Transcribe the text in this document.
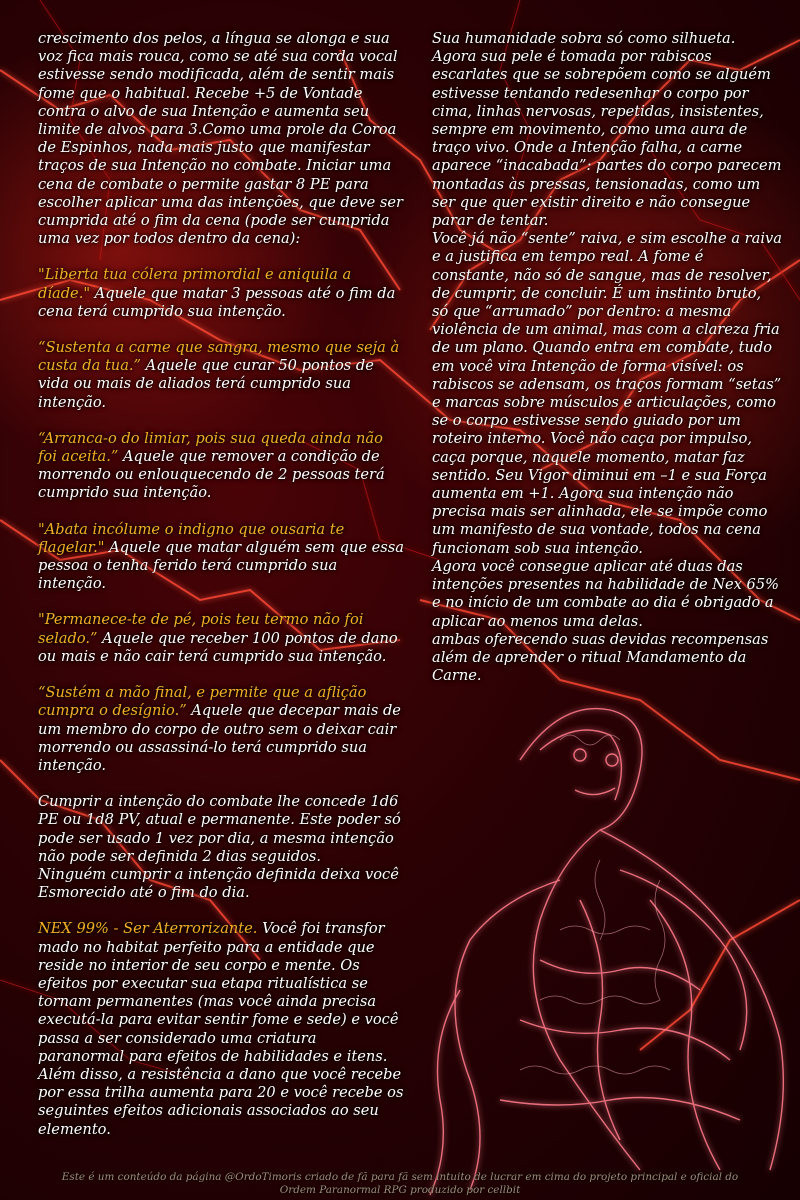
crescimento dos pelos, a língua se alonga e sua voz fica mais rouca, como se até sua corda vocal estivesse sendo modificada, além de sentir mais fome que o habitual. Recebe +5 de Vontade contra o alvo de sua Intenção e aumenta seu limite de alvos para 3.Como uma prole da Coroa de Espinhos, nada mais justo que manifestar traços de sua Intenção no combate. Iniciar uma cena de combate o permite gastar 8 PE para escolher aplicar uma das intenções, que deve ser cumprida até o fim da cena (pode ser cumprida uma vez por todos dentro da cena):

"Liberta tua cólera primordial e aniquila a díade." Aquele que matar 3 pessoas até o fim da cena terá cumprido sua intenção.

“Sustenta a carne que sangra, mesmo que seja à custa da tua.” Aquele que curar 50 pontos de vida ou mais de aliados terá cumprido sua intenção.

“Arranca-o do limiar, pois sua queda ainda não foi aceita.” Aquele que remover a condição de morrendo ou enlouquecendo de 2 pessoas terá cumprido sua intenção.

"Abata incólume o indigno que ousaria te flagelar." Aquele que matar alguém sem que essa pessoa o tenha ferido terá cumprido sua intenção.

"Permanece-te de pé, pois teu termo não foi selado.” Aquele que receber 100 pontos de dano ou mais e não cair terá cumprido sua intenção.

“Sustém a mão final, e permite que a aflição cumpra o desígnio.” Aquele que decepar mais de um membro do corpo de outro sem o deixar cair morrendo ou assassiná-lo terá cumprido sua intenção.

Cumprir a intenção do combate lhe concede 1d6 PE ou 1d8 PV, atual e permanente. Este poder só pode ser usado 1 vez por dia, a mesma intenção não pode ser definida 2 dias seguidos.

Ninguém cumprir a intenção definida deixa você Esmorecido até o fim do dia.

NEX 99% - Ser Aterrorizante. Você foi transfor mado no habitat perfeito para a entidade que reside no interior de seu corpo e mente. Os efeitos por executar sua etapa ritualística se tornam permanentes (mas você ainda precisa executá-la para evitar sentir fome e sede) e você passa a ser considerado uma criatura paranormal para efeitos de habilidades e itens. Além disso, a resistência a dano que você recebe por essa trilha aumenta para 20 e você recebe os seguintes efeitos adicionais associados ao seu elemento.

Sua humanidade sobra só como silhueta. Agora sua pele é tomada por rabiscos escarlates que se sobrepõem como se alguém estivesse tentando redesenhar o corpo por cima, linhas nervosas, repetidas, insistentes, sempre em movimento, como uma aura de traço vivo. Onde a Intenção falha, a carne aparece “inacabada”: partes do corpo parecem montadas às pressas, tensionadas, como um ser que quer existir direito e não consegue parar de tentar.

Você já não “sente” raiva, e sim escolhe a raiva e a justifica em tempo real. A fome é constante, não só de sangue, mas de resolver, de cumprir, de concluir. É um instinto bruto, só que “arrumado” por dentro: a mesma violência de um animal, mas com a clareza fria de um plano. Quando entra em combate, tudo em você vira Intenção de forma visível: os rabiscos se adensam, os traços formam “setas” e marcas sobre músculos e articulações, como se o corpo estivesse sendo guiado por um roteiro interno. Você não caça por impulso, caça porque, naquele momento, matar faz sentido. Seu Vigor diminui em –1 e sua Força aumenta em +1. Agora sua intenção não precisa mais ser alinhada, ele se impõe como um manifesto de sua vontade, todos na cena funcionam sob sua intenção.

Agora você consegue aplicar até duas das intenções presentes na habilidade de Nex 65% e no início de um combate ao dia é obrigado a aplicar ao menos uma delas.

ambas oferecendo suas devidas recompensas além de aprender o ritual Mandamento da Carne.

Este é um conteúdo da página @OrdoTimoris criado de fã para fã sem intuito de lucrar em cima do projeto principal e oficial do
Ordem Paranormal RPG produzido por cellbit
